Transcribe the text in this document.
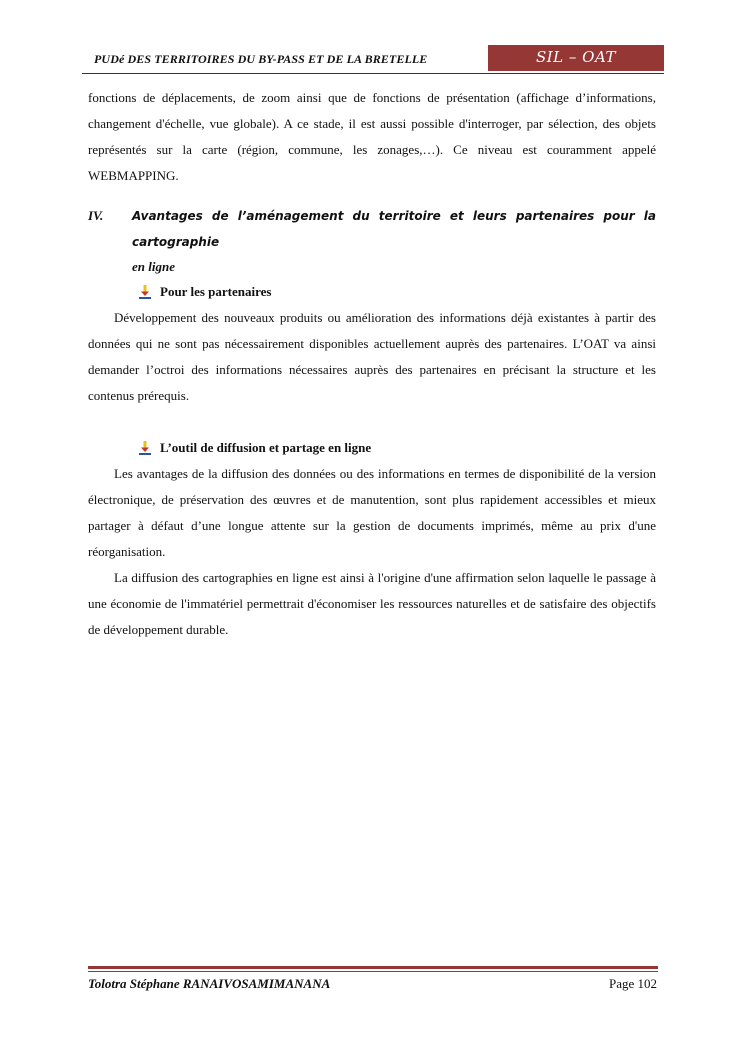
PUDé DES TERRITOIRES DU BY-PASS ET DE LA BRETELLE	SIL – OAT

fonctions de déplacements, de zoom ainsi que de fonctions de présentation (affichage d’informations, changement d'échelle, vue globale). A ce stade, il est aussi possible d'interroger, par sélection, des objets représentés sur la carte (région, commune, les zonages,…). Ce niveau est couramment appelé WEBMAPPING.

IV. Avantages de l’aménagement du territoire et leurs partenaires pour la cartographie
en ligne
Pour les partenaires

Développement des nouveaux produits ou amélioration des informations déjà existantes à partir des données qui ne sont pas nécessairement disponibles actuellement auprès des partenaires. L’OAT va ainsi demander l’octroi des informations nécessaires auprès des partenaires en précisant la structure et les contenus prérequis.

L’outil de diffusion et partage en ligne

Les avantages de la diffusion des données ou des informations en termes de disponibilité de la version électronique, de préservation des œuvres et de manutention, sont plus rapidement accessibles et mieux partager à défaut d’une longue attente sur la gestion de documents imprimés, même au prix d'une réorganisation.

La diffusion des cartographies en ligne est ainsi à l'origine d'une affirmation selon laquelle le passage à une économie de l'immatériel permettrait d'économiser les ressources naturelles et de satisfaire des objectifs de développement durable.

Tolotra Stéphane RANAIVOSAMIMANANA	Page 102
